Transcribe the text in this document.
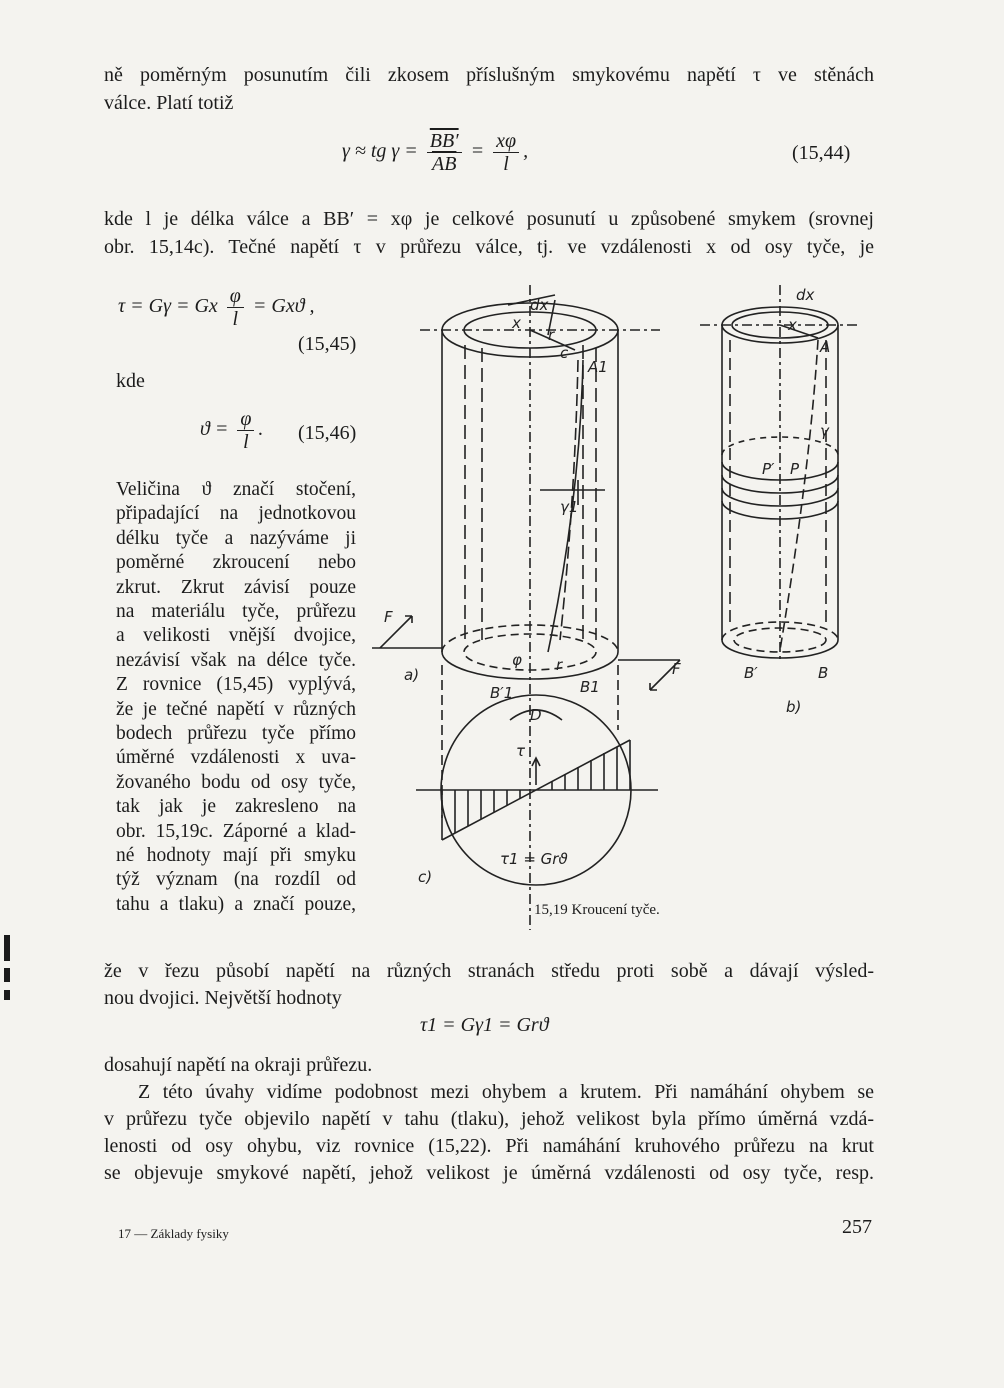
ně poměrným posunutím čili zkosem příslušným smykovému napětí τ ve stěnách
válce. Platí totiž
γ ≈ tg $\gamma = \frac{BB'}{AB} = \frac{x\varphi}{l}$ ,	(15,44)
kde l je délka válce a BB′ = xφ je celkové posunutí u způsobené smykem (srovnej
obr. 15,14c). Tečné napětí τ v průřezu válce, tj. ve vzdálenosti x od osy tyče, je
τ = Gγ = Gx $\frac{\varphi}{l} = Gxϑ$ ,
(15,45)
kde
$ϑ = \frac{\varphi}{l}$ . (15,46)
Veličina ϑ značí stočení,
připadající na jednotkovou
délku tyče a nazýváme ji
poměrné zkroucení nebo
zkrut. Zkrut závisí pouze
na materiálu tyče, průřezu
a velikosti vnější dvojice,
nezávisí však na délce tyče.
Z rovnice (15,45) vyplývá,
že je tečné napětí v různých
bodech průřezu tyče přímo
úměrné vzdálenosti x uva-
žovaného bodu od osy tyče,
tak jak je zakresleno na
obr. 15,19c. Záporné a klad-
né hodnoty mají při smyku
týž význam (na rozdíl od
tahu a tlaku) a značí pouze,
dx
x
r
c
A1
γ1
F
F
a)
φ r
B′1	B1
D
τ
τ1 = Grϑ
c)
dx
x
A
γ
P′ P
B′	B
b)
15,19 Kroucení tyče.
že v řezu působí napětí na různých stranách středu proti sobě a dávají výsled-
nou dvojici. Největší hodnoty
τ1 = Gγ1 = Grϑ
dosahují napětí na okraji průřezu.
Z této úvahy vidíme podobnost mezi ohybem a krutem. Při namáhání ohybem se
v průřezu tyče objevilo napětí v tahu (tlaku), jehož velikost byla přímo úměrná vzdá-
lenosti od osy ohybu, viz rovnice (15,22). Při namáhání kruhového průřezu na krut
se objevuje smykové napětí, jehož velikost je úměrná vzdálenosti od osy tyče, resp.
17 — Základy fysiky	257
